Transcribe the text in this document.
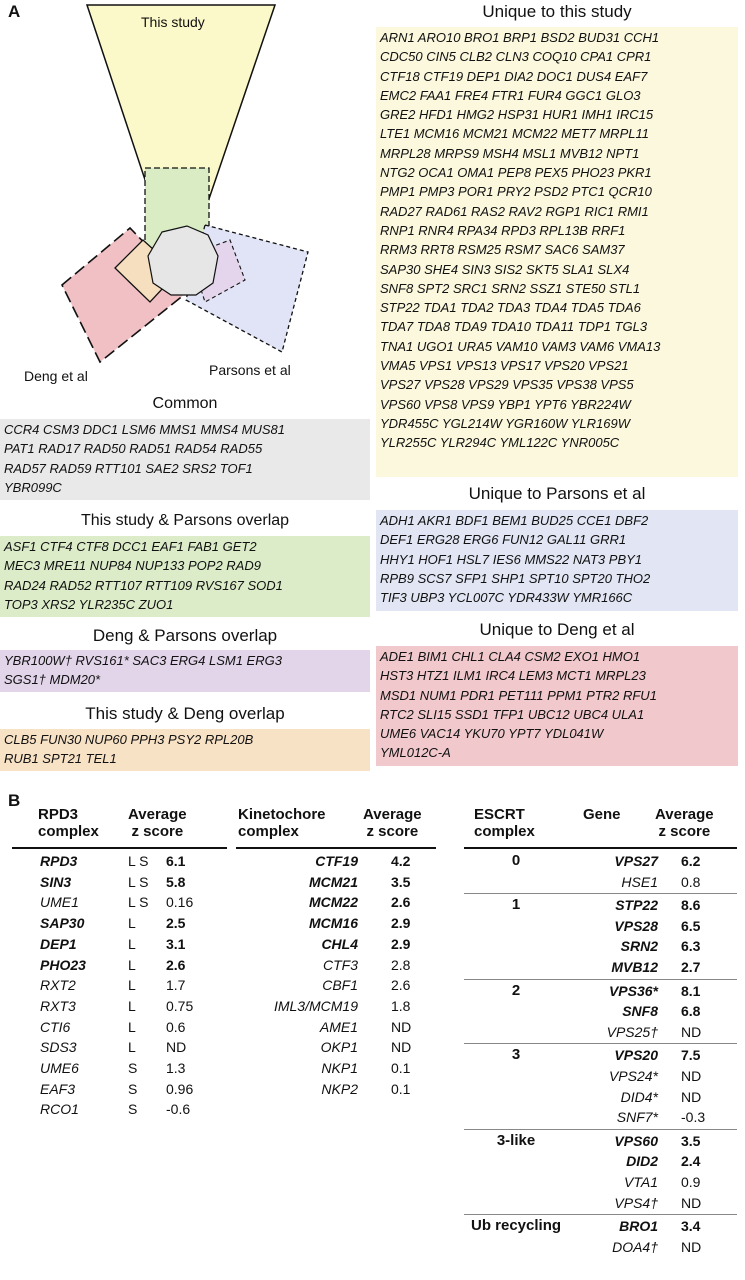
A
This study
Deng et al	Parsons et al
Unique to this study
ARN1 ARO10 BRO1 BRP1 BSD2 BUD31 CCH1
CDC50 CIN5 CLB2 CLN3 COQ10 CPA1 CPR1
CTF18 CTF19 DEP1 DIA2 DOC1 DUS4 EAF7
EMC2 FAA1 FRE4 FTR1 FUR4 GGC1 GLO3
GRE2 HFD1 HMG2 HSP31 HUR1 IMH1 IRC15
LTE1 MCM16 MCM21 MCM22 MET7 MRPL11
MRPL28 MRPS9 MSH4 MSL1 MVB12 NPT1
NTG2 OCA1 OMA1 PEP8 PEX5 PHO23 PKR1
PMP1 PMP3 POR1 PRY2 PSD2 PTC1 QCR10
RAD27 RAD61 RAS2 RAV2 RGP1 RIC1 RMI1
RNP1 RNR4 RPA34 RPD3 RPL13B RRF1
RRM3 RRT8 RSM25 RSM7 SAC6 SAM37
SAP30 SHE4 SIN3 SIS2 SKT5 SLA1 SLX4
SNF8 SPT2 SRC1 SRN2 SSZ1 STE50 STL1
STP22 TDA1 TDA2 TDA3 TDA4 TDA5 TDA6
TDA7 TDA8 TDA9 TDA10 TDA11 TDP1 TGL3
TNA1 UGO1 URA5 VAM10 VAM3 VAM6 VMA13
VMA5 VPS1 VPS13 VPS17 VPS20 VPS21
VPS27 VPS28 VPS29 VPS35 VPS38 VPS5
VPS60 VPS8 VPS9 YBP1 YPT6 YBR224W
YDR455C YGL214W YGR160W YLR169W
YLR255C YLR294C YML122C YNR005C
Common
CCR4 CSM3 DDC1 LSM6 MMS1 MMS4 MUS81
PAT1 RAD17 RAD50 RAD51 RAD54 RAD55
RAD57 RAD59 RTT101 SAE2 SRS2 TOF1
YBR099C
This study & Parsons overlap
ASF1 CTF4 CTF8 DCC1 EAF1 FAB1 GET2
MEC3 MRE11 NUP84 NUP133 POP2 RAD9
RAD24 RAD52 RTT107 RTT109 RVS167 SOD1
TOP3 XRS2 YLR235C ZUO1
Deng & Parsons overlap
YBR100W† RVS161* SAC3 ERG4 LSM1 ERG3
SGS1† MDM20*
This study & Deng overlap
CLB5 FUN30 NUP60 PPH3 PSY2 RPL20B
RUB1 SPT21 TEL1
Unique to Parsons et al
ADH1 AKR1 BDF1 BEM1 BUD25 CCE1 DBF2
DEF1 ERG28 ERG6 FUN12 GAL11 GRR1
HHY1 HOF1 HSL7 IES6 MMS22 NAT3 PBY1
RPB9 SCS7 SFP1 SHP1 SPT10 SPT20 THO2
TIF3 UBP3 YCL007C YDR433W YMR166C
Unique to Deng et al
ADE1 BIM1 CHL1 CLA4 CSM2 EXO1 HMO1
HST3 HTZ1 ILM1 IRC4 LEM3 MCT1 MRPL23
MSD1 NUM1 PDR1 PET111 PPM1 PTR2 RFU1
RTC2 SLI15 SSD1 TFP1 UBC12 UBC4 ULA1
UME6 VAC14 YKU70 YPT7 YDL041W
YML012C-A
B
RPD3
complex
Average
z score
RPD3	L S 6.1
SIN3	L S 5.8
UME1	L S 0.16
SAP30	L 2.5
DEP1	L 3.1
PHO23	L 2.6
RXT2	L 1.7
RXT3	L 0.75
CTI6	L 0.6
SDS3	L ND
UME6	S 1.3
EAF3	S 0.96
RCO1	S -0.6
Kinetochore
complex
Average
z score
CTF19 4.2
MCM21 3.5
MCM22 2.6
MCM16 2.9
CHL4 2.9
CTF3 2.8
CBF1 2.6
IML3/MCM19 1.8
AME1 ND
OKP1 ND
NKP1 0.1
NKP2 0.1
ESCRT
complex
Gene Average
z score
0	VPS27 6.2
HSE1 0.8
1	STP22 8.6
VPS28 6.5
SRN2 6.3
MVB12 2.7
2	VPS36* 8.1
SNF8 6.8
VPS25† ND
3	VPS20 7.5
VPS24* ND
DID4* ND
SNF7* -0.3
3-like	VPS60 3.5
DID2 2.4
VTA1 0.9
VPS4† ND
Ub recycling	BRO1 3.4
DOA4† ND
